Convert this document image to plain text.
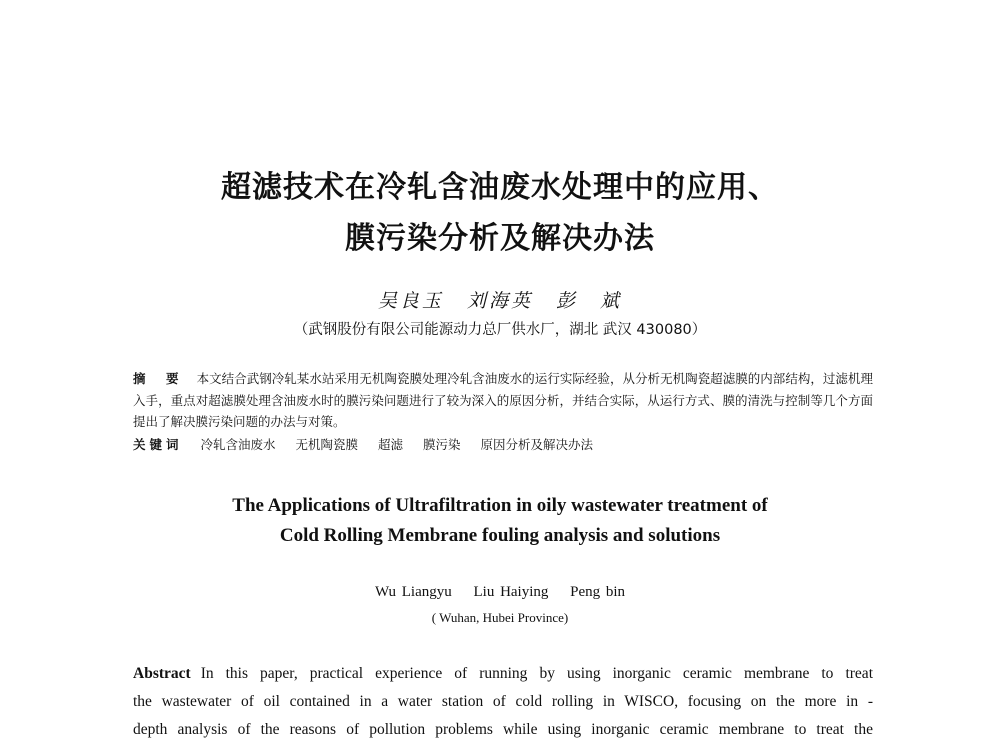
超滤技术在冷轧含油废水处理中的应用、
膜污染分析及解决办法
吴良玉 刘海英 彭　斌
（武钢股份有限公司能源动力总厂供水厂，湖北 武汉 430080）
摘　要 本文结合武钢冷轧某水站采用无机陶瓷膜处理冷轧含油废水的运行实际经验，从分析无机陶瓷超滤膜的内部结构，过滤机理入手，重点对超滤膜处理含油废水时的膜污染问题进行了较为深入的原因分析，并结合实际，从运行方式、膜的清洗与控制等几个方面提出了解决膜污染问题的办法与对策。
关键词 冷轧含油废水 无机陶瓷膜 超滤 膜污染 原因分析及解决办法
The Applications of Ultrafiltration in oily wastewater treatment of
Cold Rolling Membrane fouling analysis and solutions
Wu Liangyu Liu Haiying Peng bin
( Wuhan, Hubei Province)
Abstract In this paper, practical experience of running by using inorganic ceramic membrane to treat
the wastewater of oil contained in a water station of cold rolling in WISCO, focusing on the more in -
depth analysis of the reasons of pollution problems while using inorganic ceramic membrane to treat the
